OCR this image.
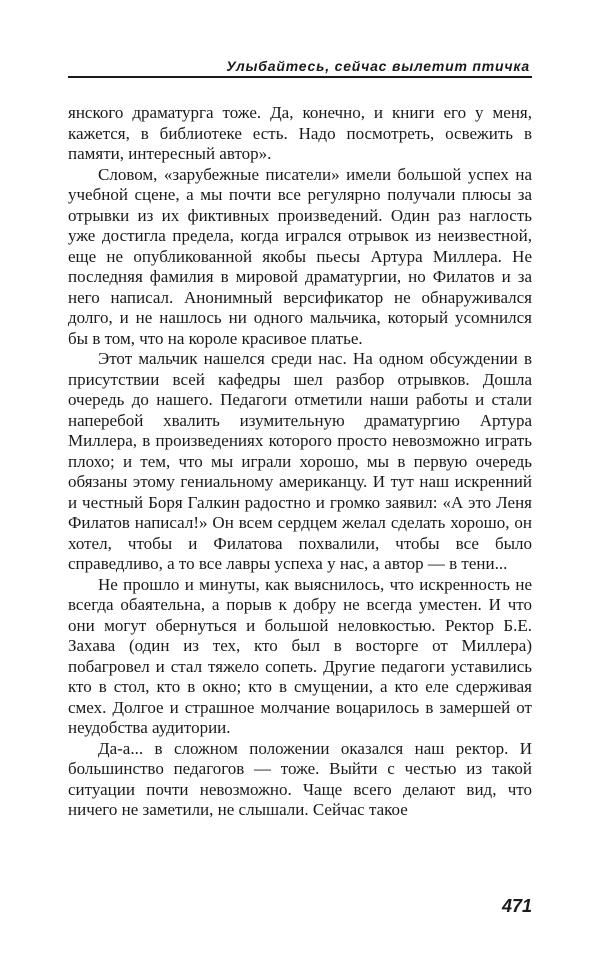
Улыбайтесь, сейчас вылетит птичка

янского драматурга тоже. Да, конечно, и книги его у меня, кажется, в библиотеке есть. Надо посмотреть, освежить в памяти, интересный автор».

Словом, «зарубежные писатели» имели большой успех на учебной сцене, а мы почти все регулярно получали плюсы за отрывки из их фиктивных произведений. Один раз наглость уже достигла предела, когда игрался отрывок из неизвестной, еще не опубликованной якобы пьесы Артура Миллера. Не последняя фамилия в мировой драматургии, но Филатов и за него написал. Анонимный версификатор не обнаруживался долго, и не нашлось ни одного мальчика, который усомнился бы в том, что на короле красивое платье.

Этот мальчик нашелся среди нас. На одном обсуждении в присутствии всей кафедры шел разбор отрывков. Дошла очередь до нашего. Педагоги отметили наши работы и стали наперебой хвалить изумительную драматургию Артура Миллера, в произведениях которого просто невозможно играть плохо; и тем, что мы играли хорошо, мы в первую очередь обязаны этому гениальному американцу. И тут наш искренний и честный Боря Галкин радостно и громко заявил: «А это Леня Филатов написал!» Он всем сердцем желал сделать хорошо, он хотел, чтобы и Филатова похвалили, чтобы все было справедливо, а то все лавры успеха у нас, а автор — в тени...

Не прошло и минуты, как выяснилось, что искренность не всегда обаятельна, а порыв к добру не всегда уместен. И что они могут обернуться и большой неловкостью. Ректор Б.Е. Захава (один из тех, кто был в восторге от Миллера) побагровел и стал тяжело сопеть. Другие педагоги уставились кто в стол, кто в окно; кто в смущении, а кто еле сдерживая смех. Долгое и страшное молчание воцарилось в замершей от неудобства аудитории.

Да-а... в сложном положении оказался наш ректор. И большинство педагогов — тоже. Выйти с честью из такой ситуации почти невозможно. Чаще всего делают вид, что ничего не заметили, не слышали. Сейчас такое

471
